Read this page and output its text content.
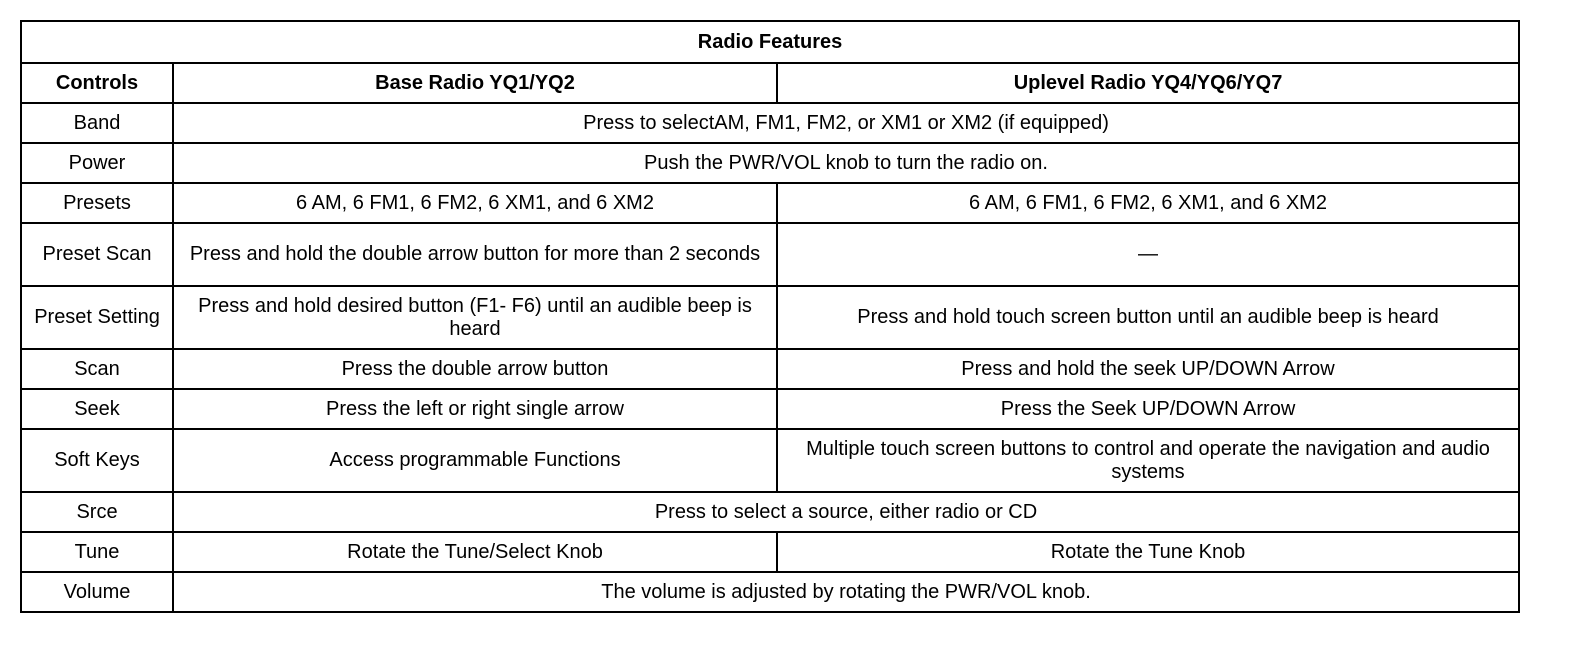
Radio Features		
Controls	Base Radio YQ1/YQ2	Uplevel Radio YQ4/YQ6/YQ7
Band	Press to selectAM, FM1, FM2, or XM1 or XM2 (if equipped)	
Power	Push the PWR/VOL knob to turn the radio on.	
Presets	6 AM, 6 FM1, 6 FM2, 6 XM1, and 6 XM2	6 AM, 6 FM1, 6 FM2, 6 XM1, and 6 XM2
Preset Scan	Press and hold the double arrow button for more than 2 seconds	—
Preset Setting	Press and hold desired button (F1- F6) until an audible beep is heard	Press and hold touch screen button until an audible beep is heard
Scan	Press the double arrow button	Press and hold the seek UP/DOWN Arrow
Seek	Press the left or right single arrow	Press the Seek UP/DOWN Arrow
Soft Keys	Access programmable Functions	Multiple touch screen buttons to control and operate the navigation and audio systems
Srce	Press to select a source, either radio or CD	
Tune	Rotate the Tune/Select Knob	Rotate the Tune Knob
Volume	The volume is adjusted by rotating the PWR/VOL knob.	
